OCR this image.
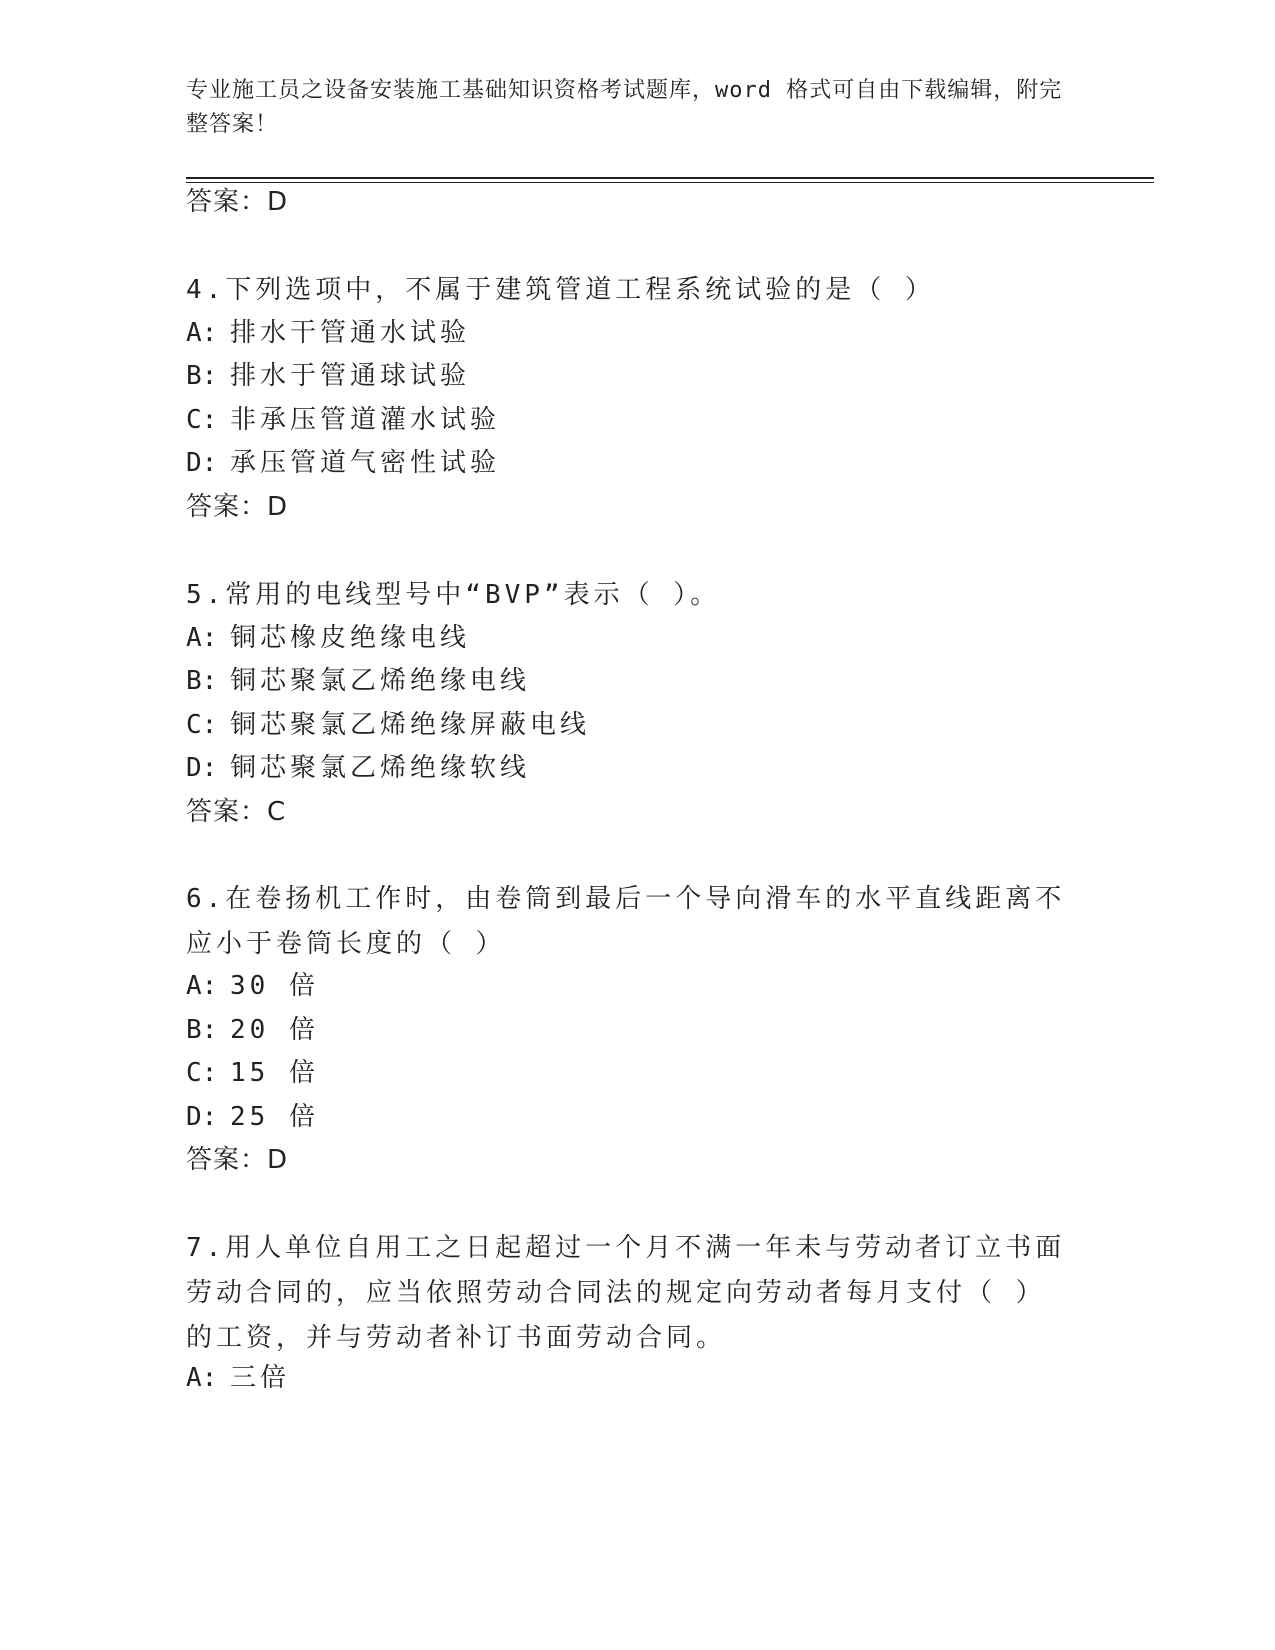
专业施工员之设备安装施工基础知识资格考试题库，word 格式可自由下载编辑，附完整答案！

答案：D

4.下列选项中，不属于建筑管道工程系统试验的是（ ）

A: 排水干管通水试验

B: 排水于管通球试验

C: 非承压管道灌水试验

D: 承压管道气密性试验

答案：D

5.常用的电线型号中“BVP”表示（ ）。

A: 铜芯橡皮绝缘电线

B: 铜芯聚氯乙烯绝缘电线

C: 铜芯聚氯乙烯绝缘屏蔽电线

D: 铜芯聚氯乙烯绝缘软线

答案：C

6.在卷扬机工作时，由卷筒到最后一个导向滑车的水平直线距离不应小于卷筒长度的（ ）

A: 30 倍

B: 20 倍

C: 15 倍

D: 25 倍

答案：D

7.用人单位自用工之日起超过一个月不满一年未与劳动者订立书面劳动合同的，应当依照劳动合同法的规定向劳动者每月支付（ ）的工资，并与劳动者补订书面劳动合同。

A: 三倍
